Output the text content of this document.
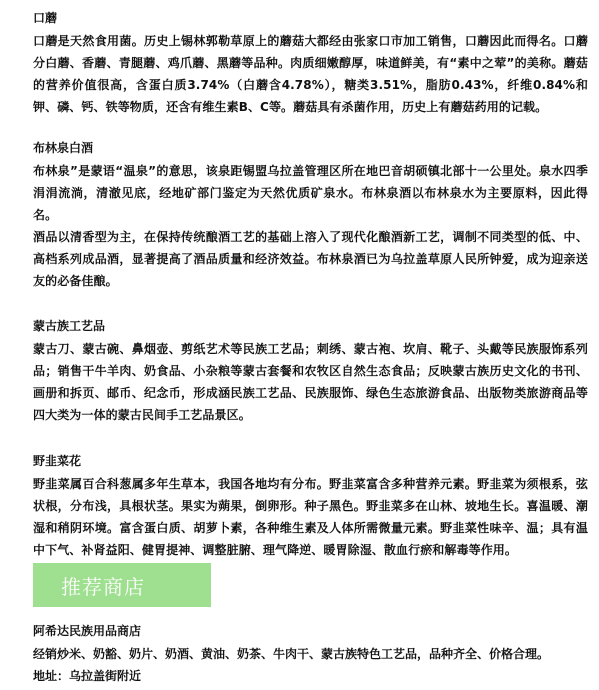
口蘑

口蘑是天然食用菌。历史上锡林郭勒草原上的蘑菇大都经由张家口市加工销售，口蘑因此而得名。口蘑分白蘑、香蘑、青腿蘑、鸡爪蘑、黑蘑等品种。肉质细嫩醇厚，味道鲜美，有“素中之荤”的美称。蘑菇的营养价值很高，含蛋白质3.74%（白蘑含4.78%），糖类3.51%，脂肪0.43%，纤维0.84%和钾、磷、钙、铁等物质，还含有维生素B、C等。蘑菇具有杀菌作用，历史上有蘑菇药用的记载。

布林泉白酒

布林泉”是蒙语“温泉”的意思，该泉距锡盟乌拉盖管理区所在地巴音胡硕镇北部十一公里处。泉水四季涓涓流淌，清澈见底，经地矿部门鉴定为天然优质矿泉水。布林泉酒以布林泉水为主要原料，因此得名。

酒品以清香型为主，在保持传统酿酒工艺的基础上溶入了现代化酿酒新工艺，调制不同类型的低、中、高档系列成品酒，显著提高了酒品质量和经济效益。布林泉酒已为乌拉盖草原人民所钟爱，成为迎亲送友的必备佳酿。

蒙古族工艺品

蒙古刀、蒙古碗、鼻烟壶、剪纸艺术等民族工艺品；刺绣、蒙古袍、坎肩、靴子、头戴等民族服饰系列品；销售干牛羊肉、奶食品、小杂粮等蒙古套餐和农牧区自然生态食品；反映蒙古族历史文化的书刊、画册和拆页、邮币、纪念币，形成涵民族工艺品、民族服饰、绿色生态旅游食品、出版物类旅游商品等四大类为一体的蒙古民间手工艺品景区。

野韭菜花

野韭菜属百合科葱属多年生草本，我国各地均有分布。野韭菜富含多种营养元素。野韭菜为须根系，弦状根，分布浅，具根状茎。果实为蒴果，倒卵形。种子黑色。野韭菜多在山林、坡地生长。喜温暖、潮湿和稍阴环境。富含蛋白质、胡萝卜素，各种维生素及人体所需微量元素。野韭菜性味辛、温；具有温中下气、补肾益阳、健胃提神、调整脏腑、理气降逆、暖胃除湿、散血行瘀和解毒等作用。

推荐商店

阿希达民族用品商店

经销炒米、奶豁、奶片、奶酒、黄油、奶茶、牛肉干、蒙古族特色工艺品，品种齐全、价格合理。

地址：乌拉盖街附近
